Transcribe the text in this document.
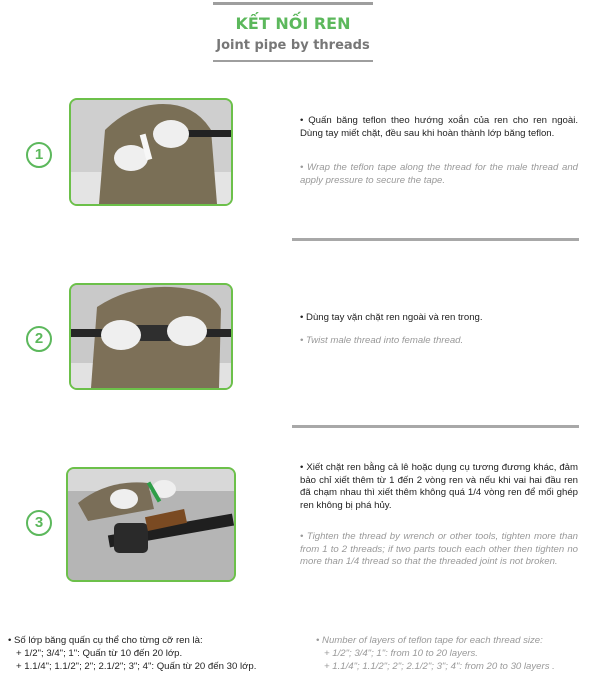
KẾT NỐI REN
Joint pipe by threads
1
• Quấn băng teflon theo hướng xoắn của ren cho ren ngoài. Dùng tay miết chặt, đều sau khi hoàn thành lớp băng teflon.
• Wrap the teflon tape along the thread for the male thread and apply pressure to secure the tape.
2
• Dùng tay vặn chặt ren ngoài và ren trong.
• Twist male thread into female thread.
3
• Xiết chặt ren bằng cả lê hoặc dụng cụ tương đương khác, đảm bảo chỉ xiết thêm từ 1 đến 2 vòng ren và nếu khi vai hai đầu ren đã chạm nhau thì xiết thêm không quá 1/4 vòng ren để mối ghép ren không bị phá hủy.
• Tighten the thread by wrench or other tools, tighten more than from 1 to 2 threads; if two parts touch each other then tighten no more than 1/4 thread so that the threaded joint is not broken.
• Số lớp băng quấn cụ thể cho từng cỡ ren là:
+ 1/2"; 3/4"; 1": Quấn từ 10 đến 20 lớp.
+ 1.1/4"; 1.1/2"; 2"; 2.1/2"; 3"; 4": Quấn từ 20 đến 30 lớp.
• Number of layers of teflon tape for each thread size:
+ 1/2"; 3/4"; 1": from 10 to 20 layers.
+ 1.1/4"; 1.1/2"; 2"; 2.1/2"; 3"; 4": from 20 to 30 layers .
